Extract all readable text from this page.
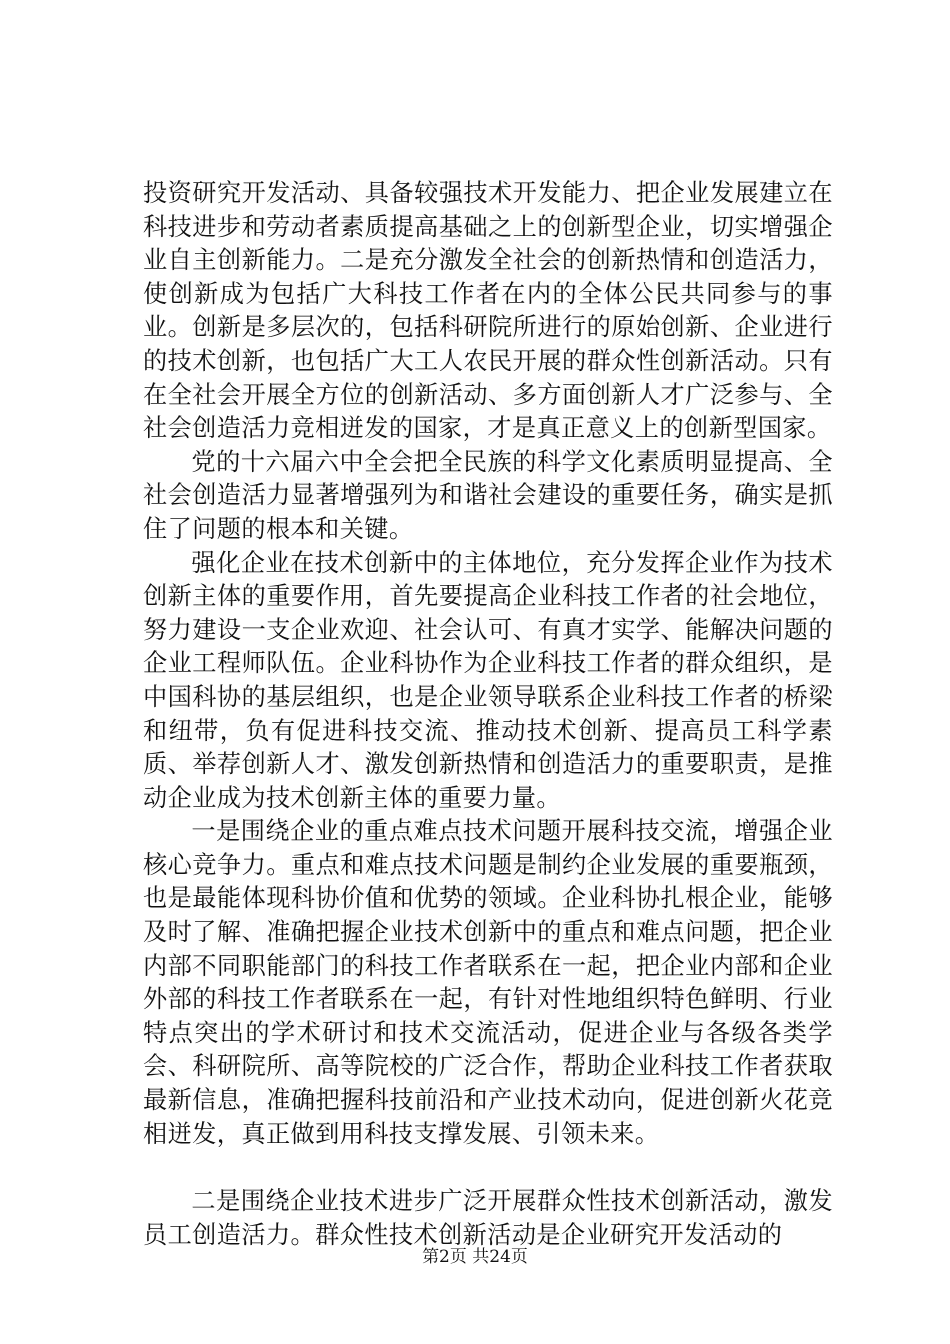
投资研究开发活动、具备较强技术开发能力、把企业发展建立在科技进步和劳动者素质提高基础之上的创新型企业，切实增强企业自主创新能力。二是充分激发全社会的创新热情和创造活力，使创新成为包括广大科技工作者在内的全体公民共同参与的事业。创新是多层次的，包括科研院所进行的原始创新、企业进行的技术创新，也包括广大工人农民开展的群众性创新活动。只有在全社会开展全方位的创新活动、多方面创新人才广泛参与、全社会创造活力竞相迸发的国家，才是真正意义上的创新型国家。

党的十六届六中全会把全民族的科学文化素质明显提高、全社会创造活力显著增强列为和谐社会建设的重要任务，确实是抓住了问题的根本和关键。

强化企业在技术创新中的主体地位，充分发挥企业作为技术创新主体的重要作用，首先要提高企业科技工作者的社会地位，努力建设一支企业欢迎、社会认可、有真才实学、能解决问题的企业工程师队伍。企业科协作为企业科技工作者的群众组织，是中国科协的基层组织，也是企业领导联系企业科技工作者的桥梁和纽带，负有促进科技交流、推动技术创新、提高员工科学素质、举荐创新人才、激发创新热情和创造活力的重要职责，是推动企业成为技术创新主体的重要力量。

一是围绕企业的重点难点技术问题开展科技交流，增强企业核心竞争力。重点和难点技术问题是制约企业发展的重要瓶颈，也是最能体现科协价值和优势的领域。企业科协扎根企业，能够及时了解、准确把握企业技术创新中的重点和难点问题，把企业内部不同职能部门的科技工作者联系在一起，把企业内部和企业外部的科技工作者联系在一起，有针对性地组织特色鲜明、行业特点突出的学术研讨和技术交流活动，促进企业与各级各类学会、科研院所、高等院校的广泛合作，帮助企业科技工作者获取最新信息，准确把握科技前沿和产业技术动向，促进创新火花竞相迸发，真正做到用科技支撑发展、引领未来。

二是围绕企业技术进步广泛开展群众性技术创新活动，激发员工创造活力。群众性技术创新活动是企业研究开发活动的

第2页 共24页
